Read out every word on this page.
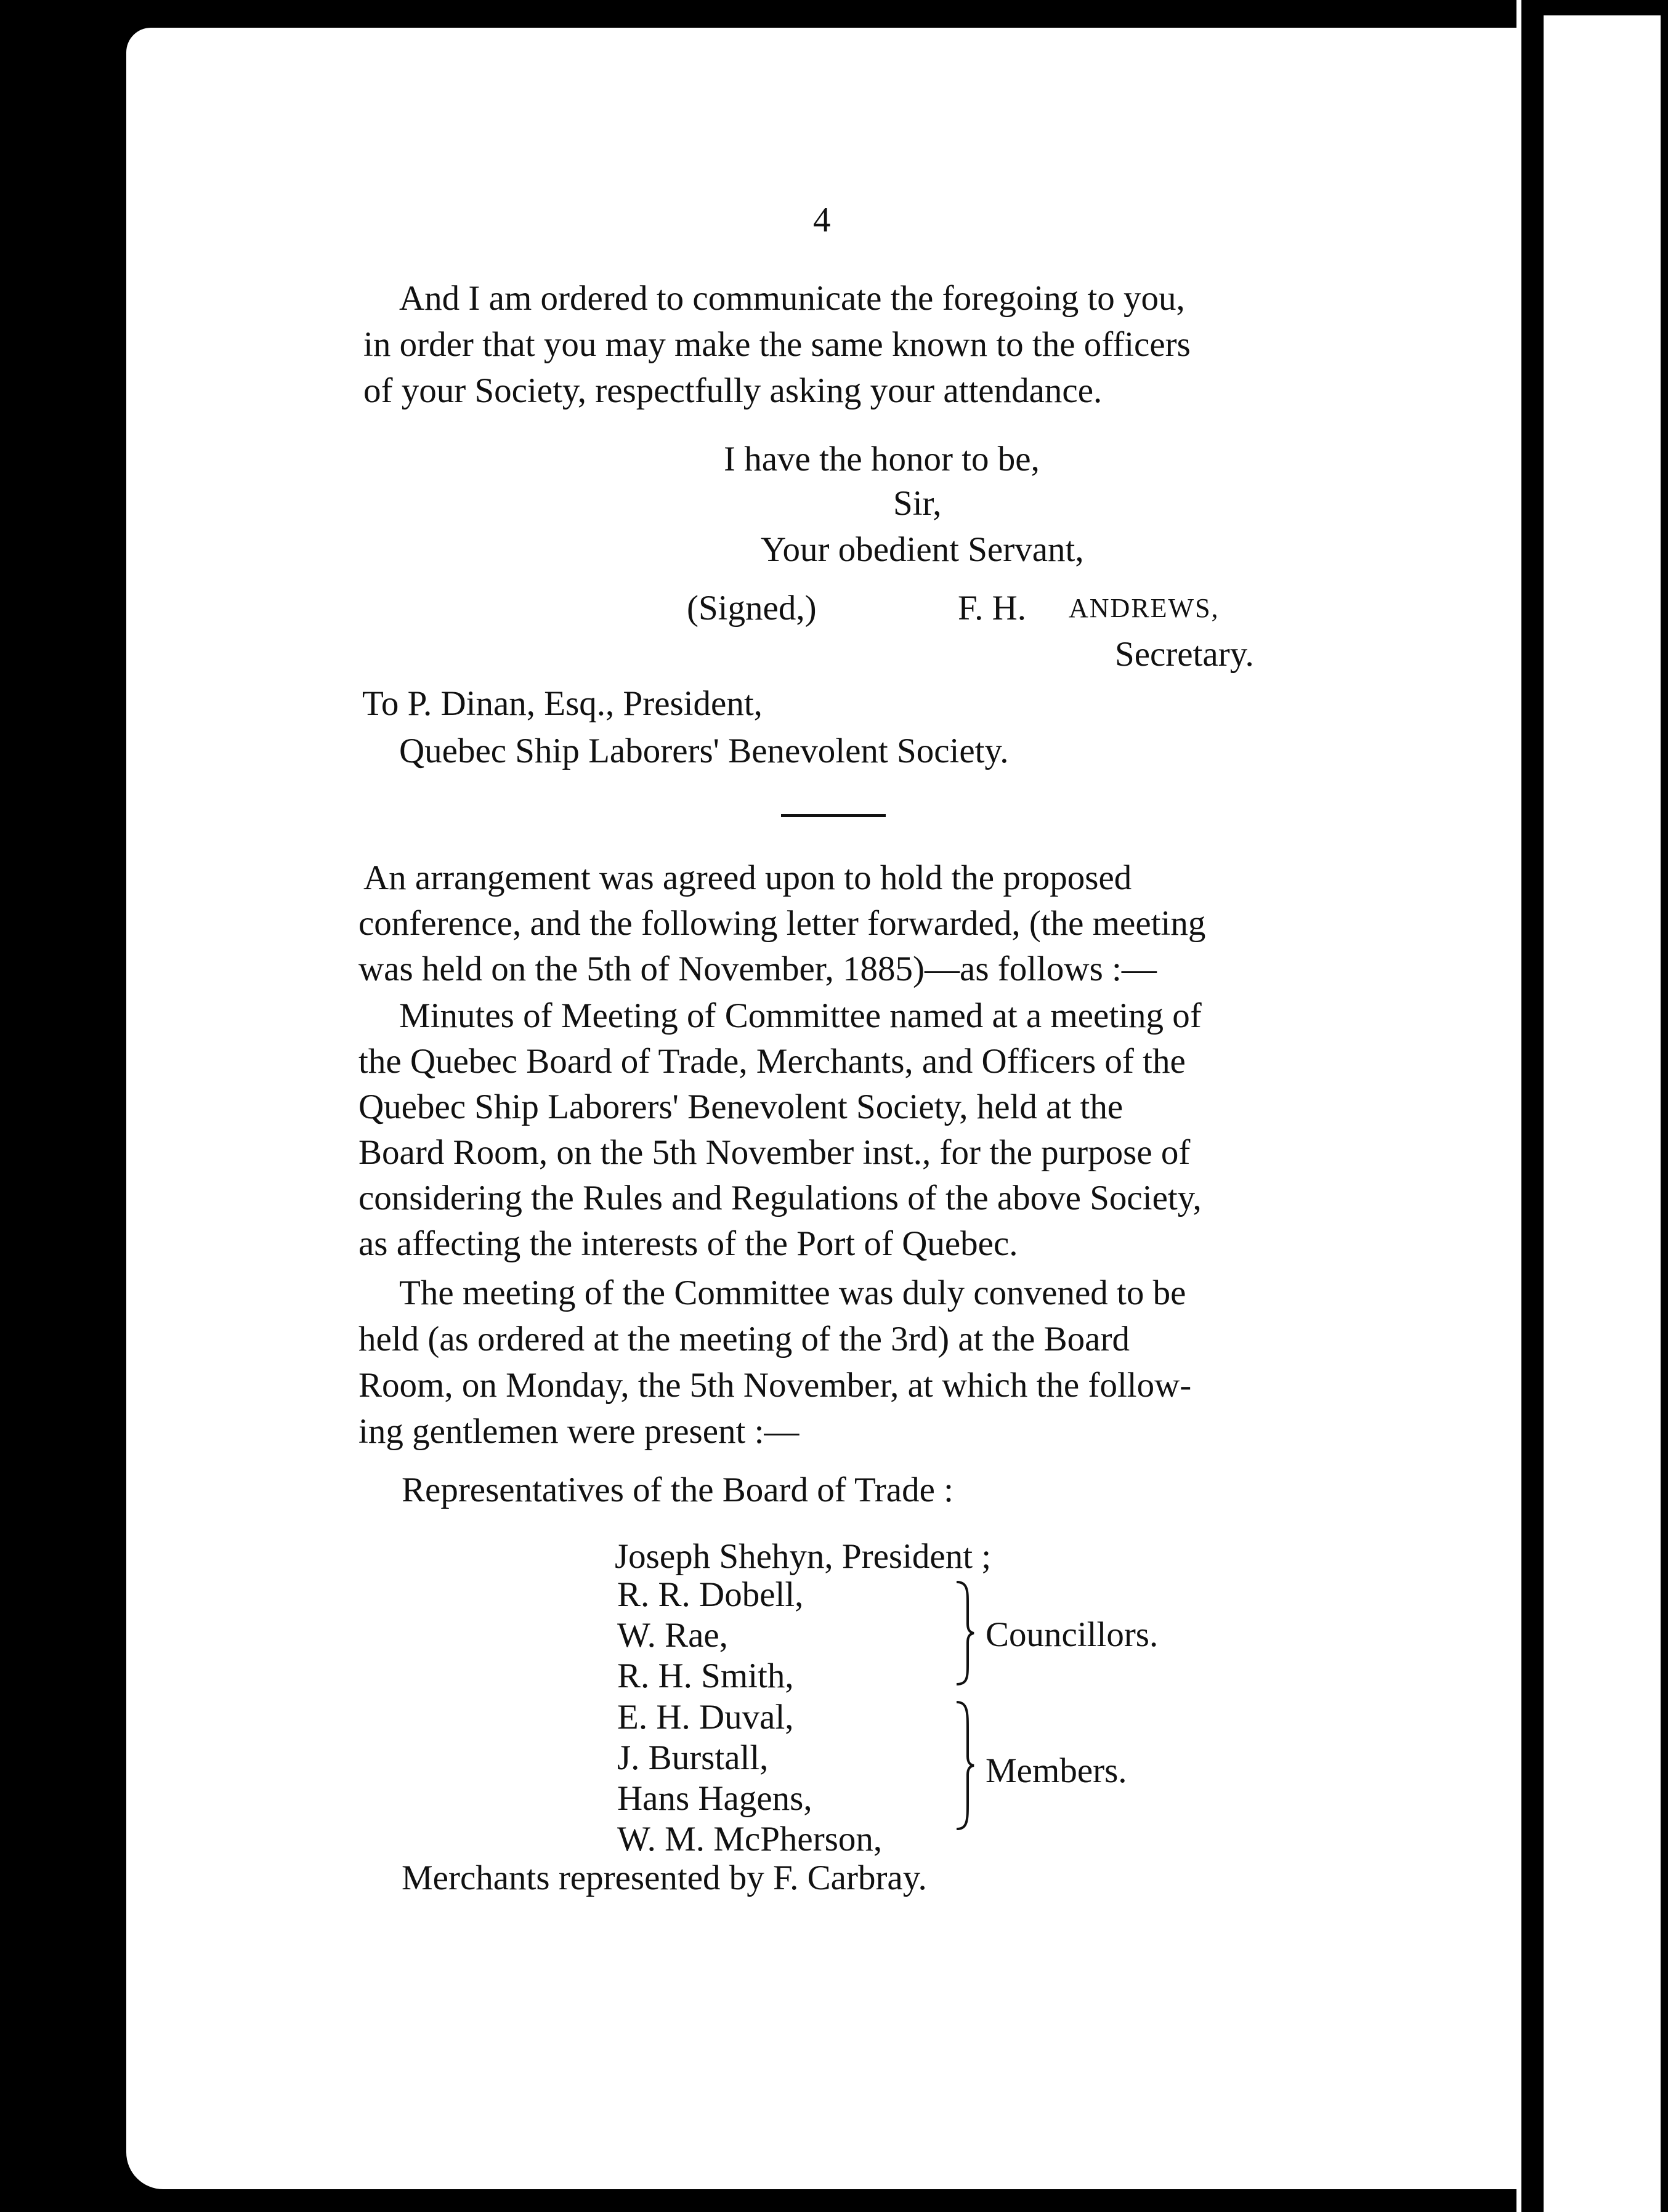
4
And I am ordered to communicate the foregoing to you,
in order that you may make the same known to the officers
of your Society, respectfully asking your attendance.
I have the honor to be,
Sir,
Your obedient Servant,
(Signed,)	F. H. ANDREWS,
Secretary.
To P. Dinan, Esq., President,
Quebec Ship Laborers' Benevolent Society.
An arrangement was agreed upon to hold the proposed
conference, and the following letter forwarded, (the meeting
was held on the 5th of November, 1885)—as follows :—
Minutes of Meeting of Committee named at a meeting of
the Quebec Board of Trade, Merchants, and Officers of the
Quebec Ship Laborers' Benevolent Society, held at the
Board Room, on the 5th November inst., for the purpose of
considering the Rules and Regulations of the above Society,
as affecting the interests of the Port of Quebec.
The meeting of the Committee was duly convened to be
held (as ordered at the meeting of the 3rd) at the Board
Room, on Monday, the 5th November, at which the follow-
ing gentlemen were present :—
Representatives of the Board of Trade :
Joseph Shehyn, President ;
R. R. Dobell,
W. Rae,
R. H. Smith,
Councillors.
E. H. Duval,
J. Burstall,
Hans Hagens,
W. M. McPherson,
Members.
Merchants represented by F. Carbray.
